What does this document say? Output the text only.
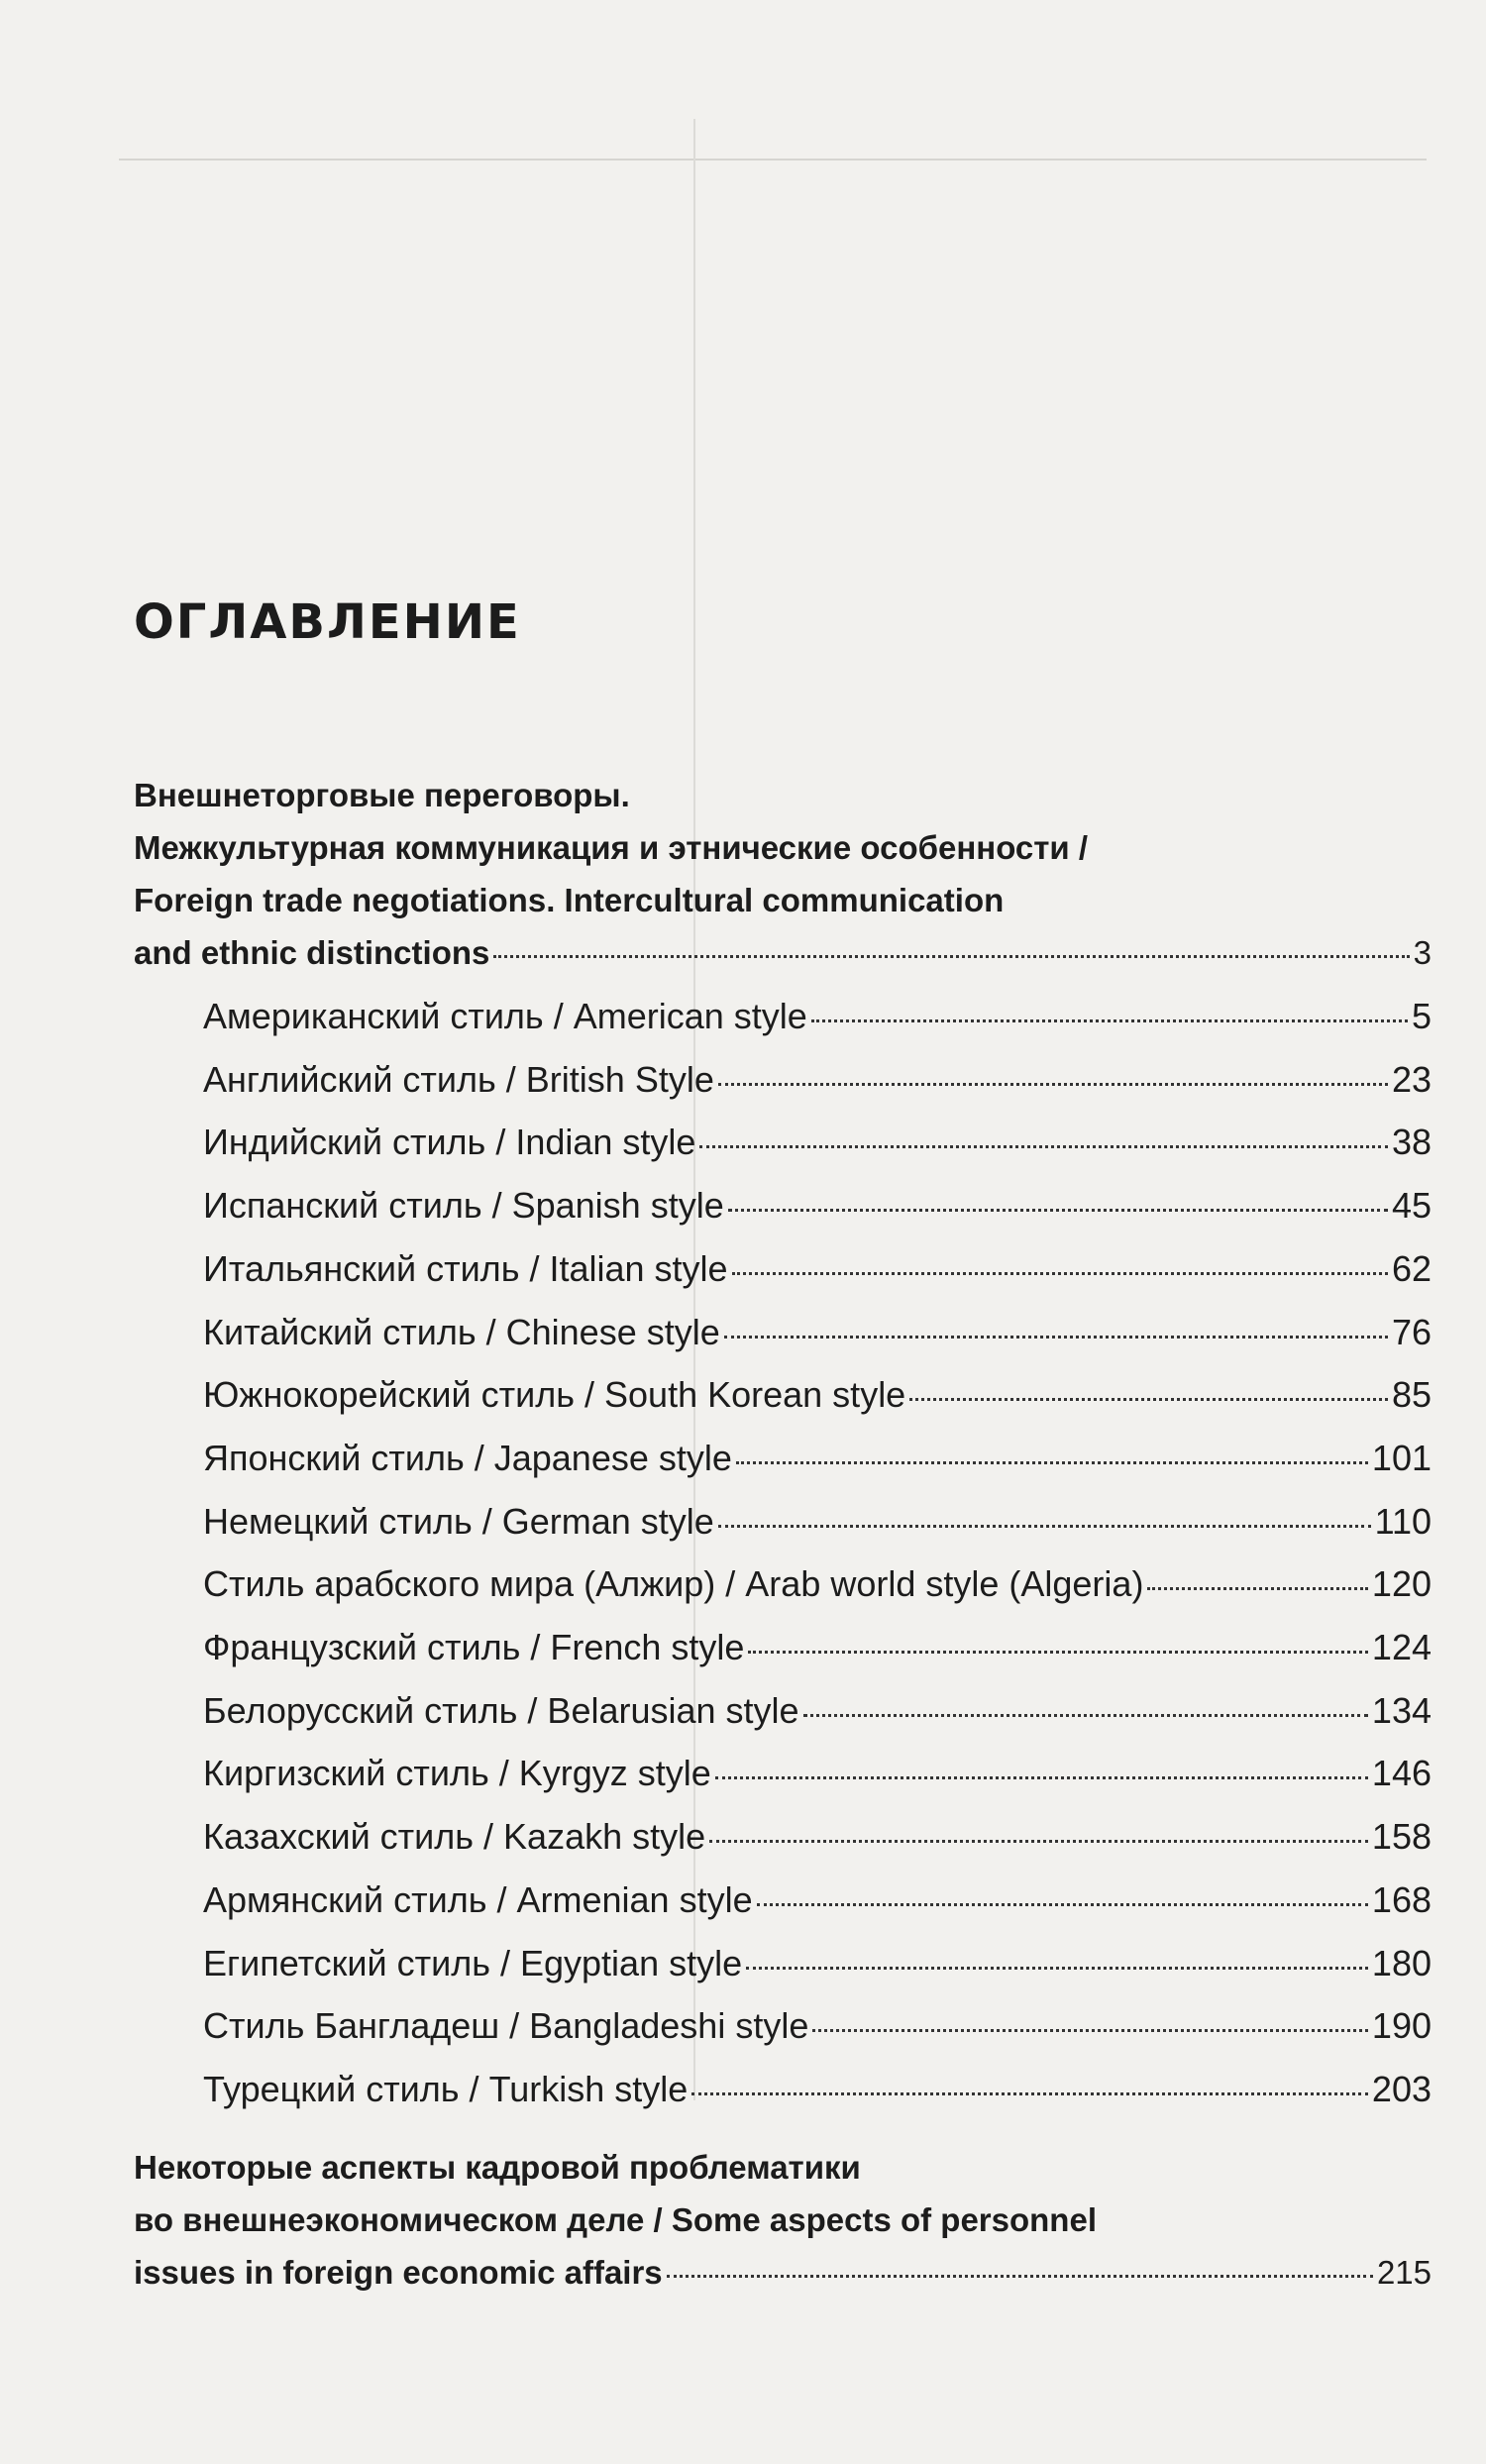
ОГЛАВЛЕНИЕ
Внешнеторговые переговоры.
Межкультурная коммуникация и этнические особенности /
Foreign trade negotiations. Intercultural communication
and ethnic distinctions	3
Американский стиль / American style	5
Английский стиль / British Style	23
Индийский стиль / Indian style	38
Испанский стиль / Spanish style	45
Итальянский стиль / Italian style	62
Китайский стиль / Chinese style	76
Южнокорейский стиль / South Korean style	85
Японский стиль / Japanese style	101
Немецкий стиль / German style	110
Стиль арабского мира (Алжир) / Arab world style (Algeria)	120
Французский стиль / French style	124
Белорусский стиль / Belarusian style	134
Киргизский стиль / Kyrgyz style	146
Казахский стиль / Kazakh style	158
Армянский стиль / Armenian style	168
Египетский стиль / Egyptian style	180
Стиль Бангладеш / Bangladeshi style	190
Турецкий стиль / Turkish style	203
Некоторые аспекты кадровой проблематики
во внешнеэкономическом деле / Some aspects of personnel
issues in foreign economic affairs	215
